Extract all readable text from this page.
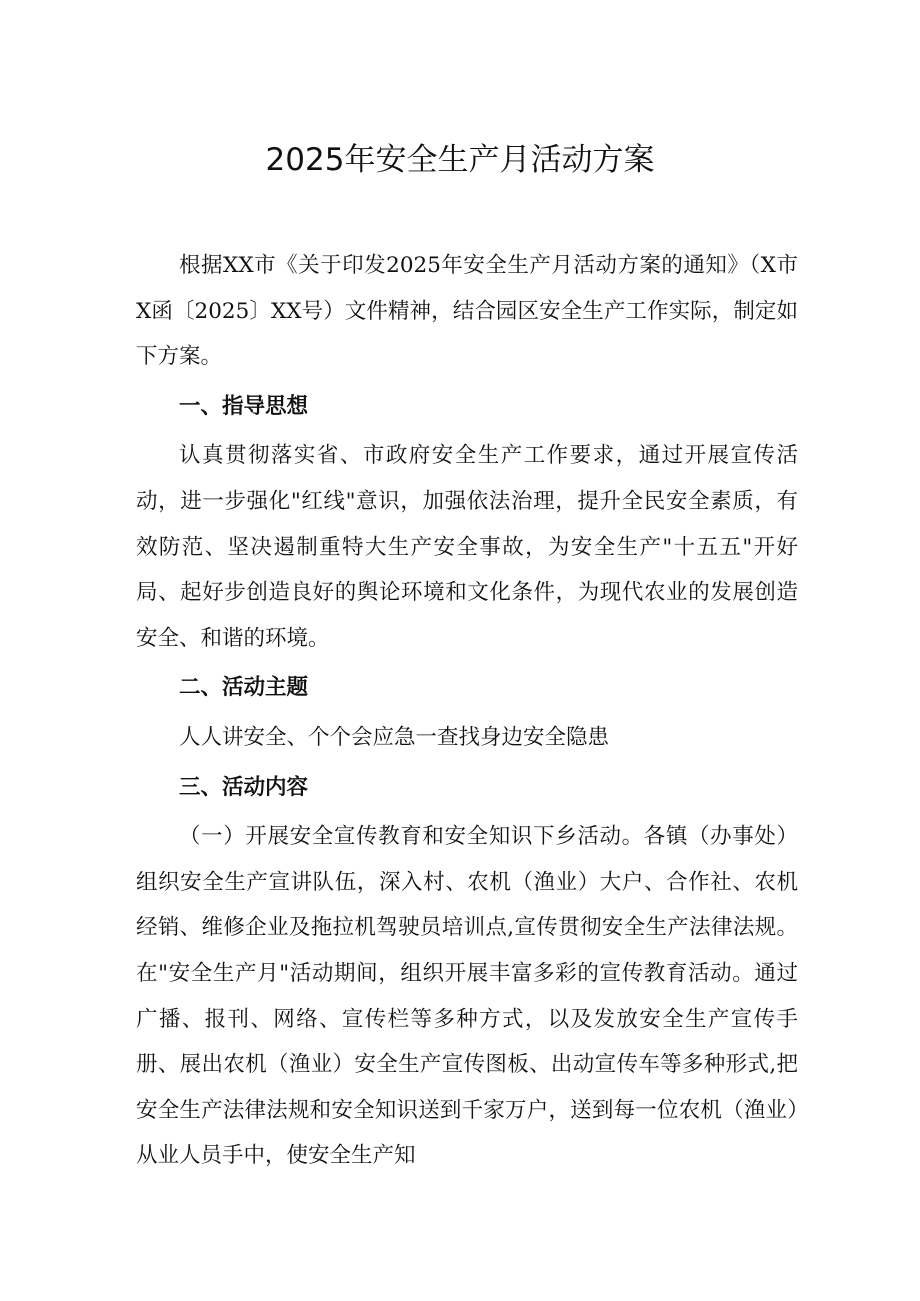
2025年安全生产月活动方案

根据XX市《关于印发2025年安全生产月活动方案的通知》（X市X函〔2025〕XX号）文件精神，结合园区安全生产工作实际，制定如下方案。

一、指导思想

认真贯彻落实省、市政府安全生产工作要求，通过开展宣传活动，进一步强化"红线"意识，加强依法治理，提升全民安全素质，有效防范、坚决遏制重特大生产安全事故，为安全生产"十五五"开好局、起好步创造良好的舆论环境和文化条件，为现代农业的发展创造安全、和谐的环境。

二、活动主题

人人讲安全、个个会应急一查找身边安全隐患

三、活动内容

（一）开展安全宣传教育和安全知识下乡活动。各镇（办事处）组织安全生产宣讲队伍，深入村、农机（渔业）大户、合作社、农机经销、维修企业及拖拉机驾驶员培训点,宣传贯彻安全生产法律法规。在"安全生产月"活动期间，组织开展丰富多彩的宣传教育活动。通过广播、报刊、网络、宣传栏等多种方式，以及发放安全生产宣传手册、展出农机（渔业）安全生产宣传图板、出动宣传车等多种形式,把安全生产法律法规和安全知识送到千家万户，送到每一位农机（渔业）从业人员手中，使安全生产知
